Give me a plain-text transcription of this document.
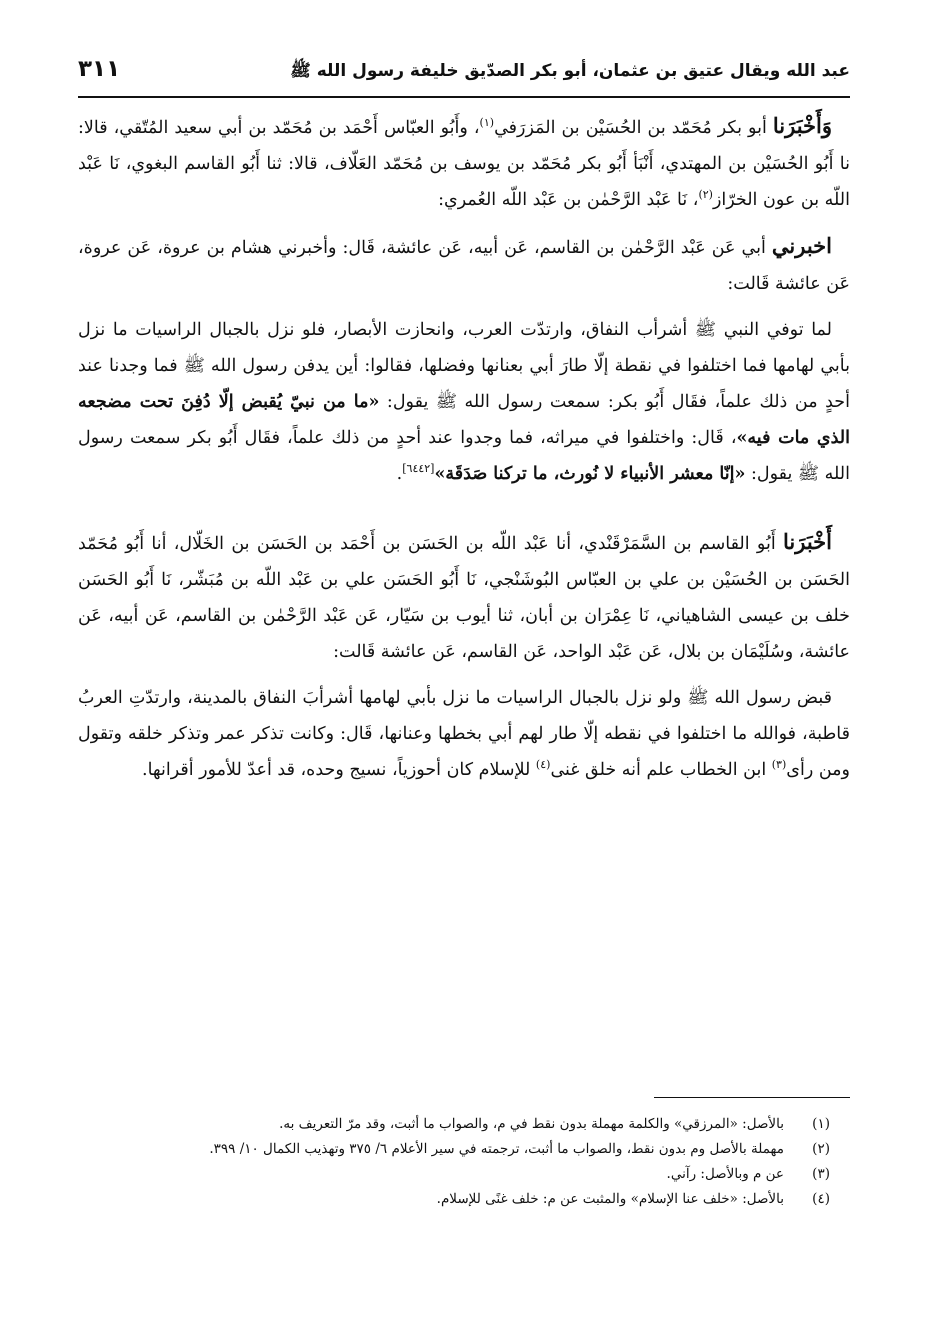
٣١١	عبد الله ويقال عتيق بن عثمان، أبو بكر الصدّيق خليفة رسول الله ﷺ

وَأَخْبَرَنا أبو بكر مُحَمّد بن الحُسَيْن بن المَزرَفي$^{(١)}$، وأَبُو العبّاس أَحْمَد بن مُحَمّد بن أبي سعيد المُتّقي، قالا: نا أَبُو الحُسَيْن بن المهتدي، أَنْبَأ أَبُو بكر مُحَمّد بن يوسف بن مُحَمّد العَلّاف، قالا: ثنا أَبُو القاسم البغوي، نَا عَبْد اللّه بن عون الخرّاز$^{(٢)}$، نَا عَبْد الرَّحْمٰن بن عَبْد اللّه العُمري:

اخبرني أبي عَن عَبْد الرَّحْمٰن بن القاسم، عَن أبيه، عَن عائشة، قَال: وأخبرني هشام بن عروة، عَن عروة، عَن عائشة قَالت:

لما توفي النبي ﷺ أشرأب النفاق، وارتدّت العرب، وانحازت الأبصار، فلو نزل بالجبال الراسيات ما نزل بأبي لهامها فما اختلفوا في نقطة إلّا طارَ أبي بعنانها وفضلها، فقالوا: أين يدفن رسول الله ﷺ فما وجدنا عند أحدٍ من ذلك علماً، فقَال أَبُو بكر: سمعت رسول الله ﷺ يقول: «ما من نبيّ يُقبض إلّا دُفِنَ تحت مضجعه الذي مات فيه»، قَال: واختلفوا في ميراثه، فما وجدوا عند أحدٍ من ذلك علماً، فقَال أَبُو بكر سمعت رسول الله ﷺ يقول: «إنّا معشر الأنبياء لا نُورث، ما تركنا صَدَقَة»[٦٤٤٢].

أَخْبَرَنا أَبُو القاسم بن السَّمَرْقَنْدي، أنا عَبْد اللّه بن الحَسَن بن أَحْمَد بن الحَسَن بن الخَلّال، أنا أَبُو مُحَمّد الحَسَن بن الحُسَيْن بن علي بن العبّاس البُوشَنْجي، نَا أَبُو الحَسَن علي بن عَبْد اللّه بن مُبَشّر، نَا أَبُو الحَسَن خلف بن عيسى الشاهياني، نَا عِمْرَان بن أبان، ثنا أيوب بن سَيّار، عَن عَبْد الرَّحْمٰن بن القاسم، عَن أبيه، عَن عائشة، وسُلَيْمَان بن بلال، عَن عَبْد الواحد، عَن القاسم، عَن عائشة قَالت:

قبض رسول الله ﷺ ولو نزل بالجبال الراسيات ما نزل بأبي لهامها أشرأبَ النفاق بالمدينة، وارتدّتِ العربُ قاطبة، فوالله ما اختلفوا في نقطه إلّا طار لهم أبي بخطها وعنانها، قَال: وكانت تذكر عمر وتذكر خلقه وتقول ومن رأى$^{(٣)}$ ابن الخطاب علم أنه خلق غنى$^{(٤)}$ للإسلام كان أحوزياً، نسيج وحده، قد أعدّ للأمور أقرانها.

(١)
بالأصل: «المرزقي» والكلمة مهملة بدون نقط في م، والصواب ما أثبت، وقد مرّ التعريف به.
(٢)
مهملة بالأصل وم بدون نقط، والصواب ما أثبت، ترجمته في سير الأعلام ٦/ ٣٧٥ وتهذيب الكمال ١٠/ ٣٩٩.
(٣)
عن م وبالأصل: رآني.
(٤)
بالأصل: «خلف عنا الإسلام» والمثبت عن م: خلف غنًى للإسلام.
